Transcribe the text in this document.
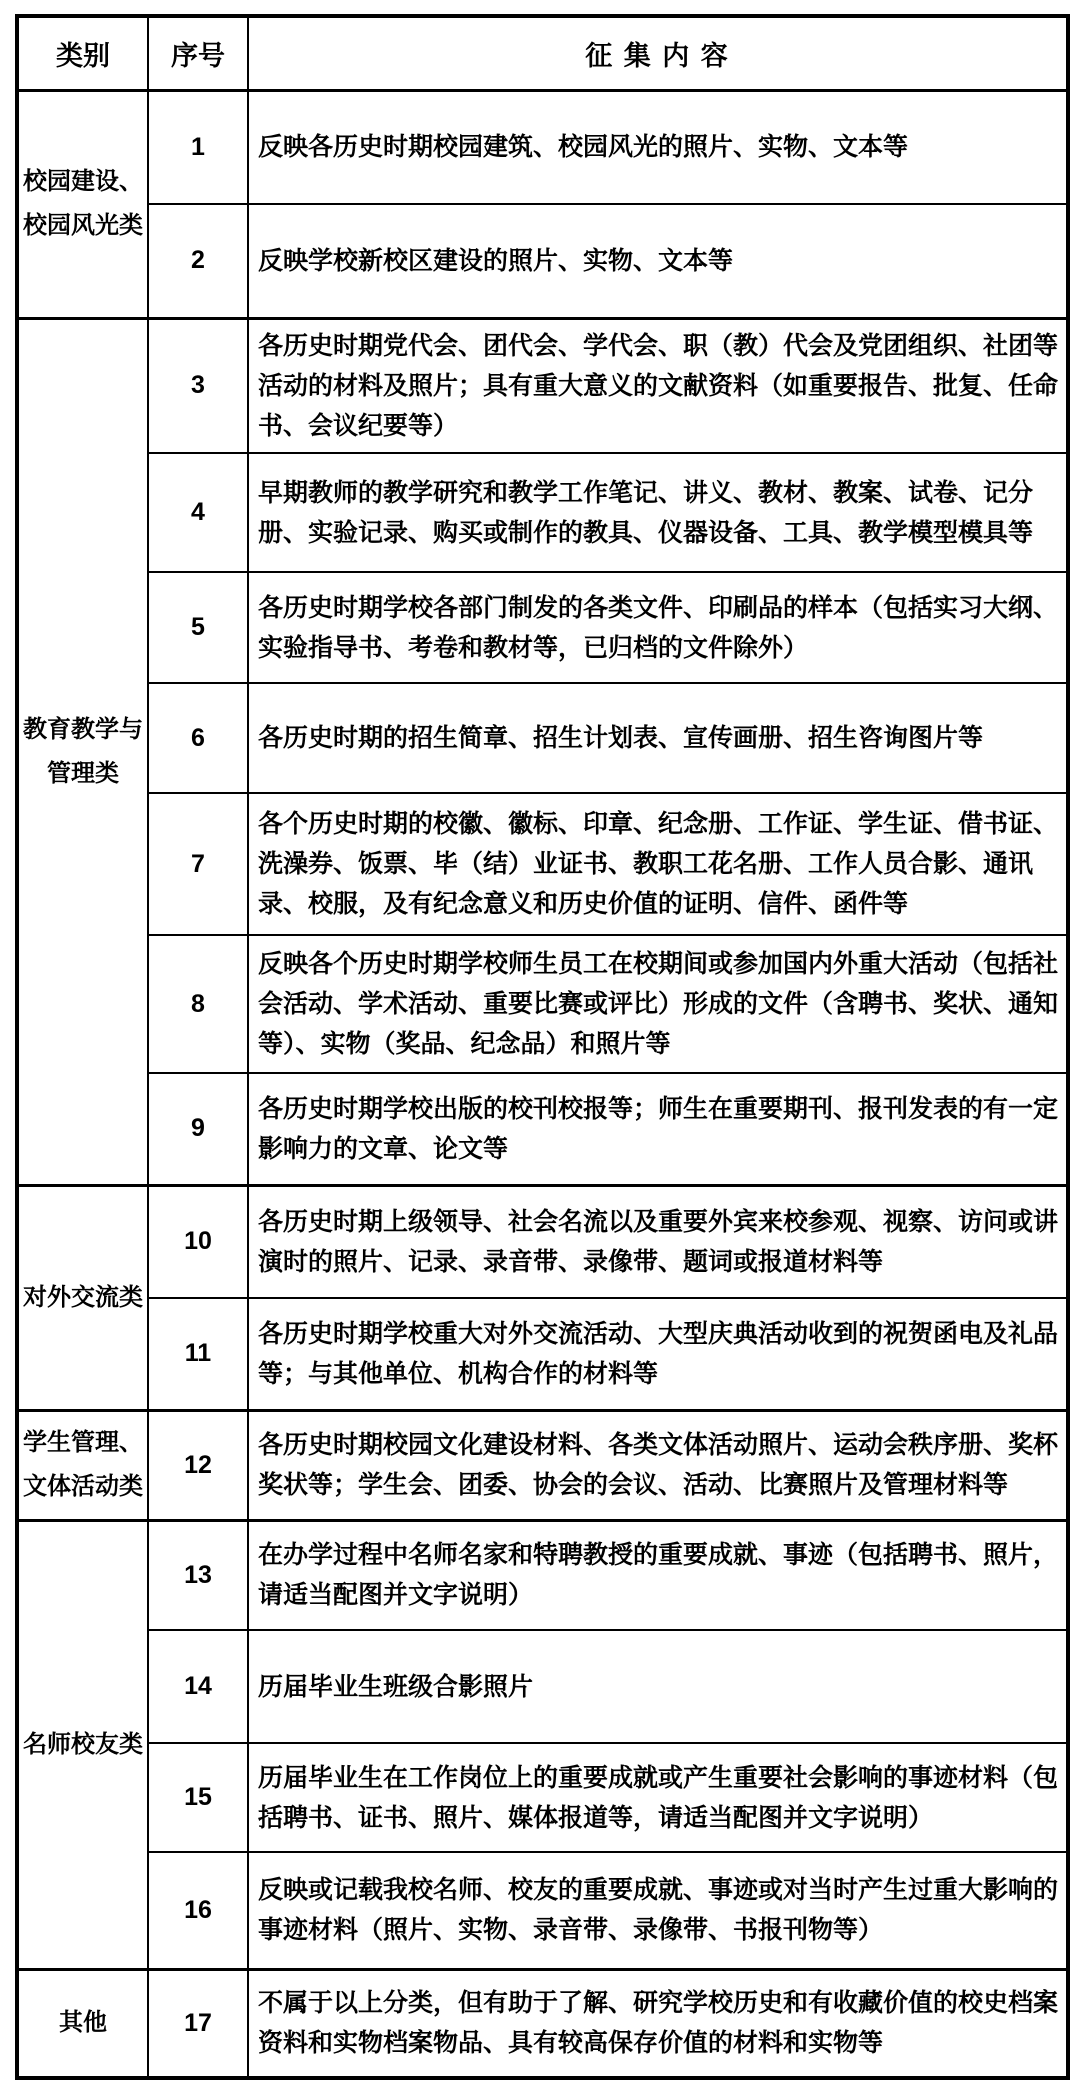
类别	序号	征 集 内 容
校园建设、校园风光类	1	反映各历史时期校园建筑、校园风光的照片、实物、文本等
	2	反映学校新校区建设的照片、实物、文本等
教育教学与管理类	3	各历史时期党代会、团代会、学代会、职（教）代会及党团组织、社团等活动的材料及照片；具有重大意义的文献资料（如重要报告、批复、任命书、会议纪要等）
	4	早期教师的教学研究和教学工作笔记、讲义、教材、教案、试卷、记分册、实验记录、购买或制作的教具、仪器设备、工具、教学模型模具等
	5	各历史时期学校各部门制发的各类文件、印刷品的样本（包括实习大纲、实验指导书、考卷和教材等，已归档的文件除外）
	6	各历史时期的招生简章、招生计划表、宣传画册、招生咨询图片等
	7	各个历史时期的校徽、徽标、印章、纪念册、工作证、学生证、借书证、洗澡券、饭票、毕（结）业证书、教职工花名册、工作人员合影、通讯录、校服，及有纪念意义和历史价值的证明、信件、函件等
	8	反映各个历史时期学校师生员工在校期间或参加国内外重大活动（包括社会活动、学术活动、重要比赛或评比）形成的文件（含聘书、奖状、通知等）、实物（奖品、纪念品）和照片等
	9	各历史时期学校出版的校刊校报等；师生在重要期刊、报刊发表的有一定影响力的文章、论文等
对外交流类	10	各历史时期上级领导、社会名流以及重要外宾来校参观、视察、访问或讲演时的照片、记录、录音带、录像带、题词或报道材料等
	11	各历史时期学校重大对外交流活动、大型庆典活动收到的祝贺函电及礼品等；与其他单位、机构合作的材料等
学生管理、文体活动类	12	各历史时期校园文化建设材料、各类文体活动照片、运动会秩序册、奖杯奖状等；学生会、团委、协会的会议、活动、比赛照片及管理材料等
名师校友类	13	在办学过程中名师名家和特聘教授的重要成就、事迹（包括聘书、照片，请适当配图并文字说明）
	14	历届毕业生班级合影照片
	15	历届毕业生在工作岗位上的重要成就或产生重要社会影响的事迹材料（包括聘书、证书、照片、媒体报道等，请适当配图并文字说明）
	16	反映或记载我校名师、校友的重要成就、事迹或对当时产生过重大影响的事迹材料（照片、实物、录音带、录像带、书报刊物等）
其他	17	不属于以上分类，但有助于了解、研究学校历史和有收藏价值的校史档案资料和实物档案物品、具有较高保存价值的材料和实物等
